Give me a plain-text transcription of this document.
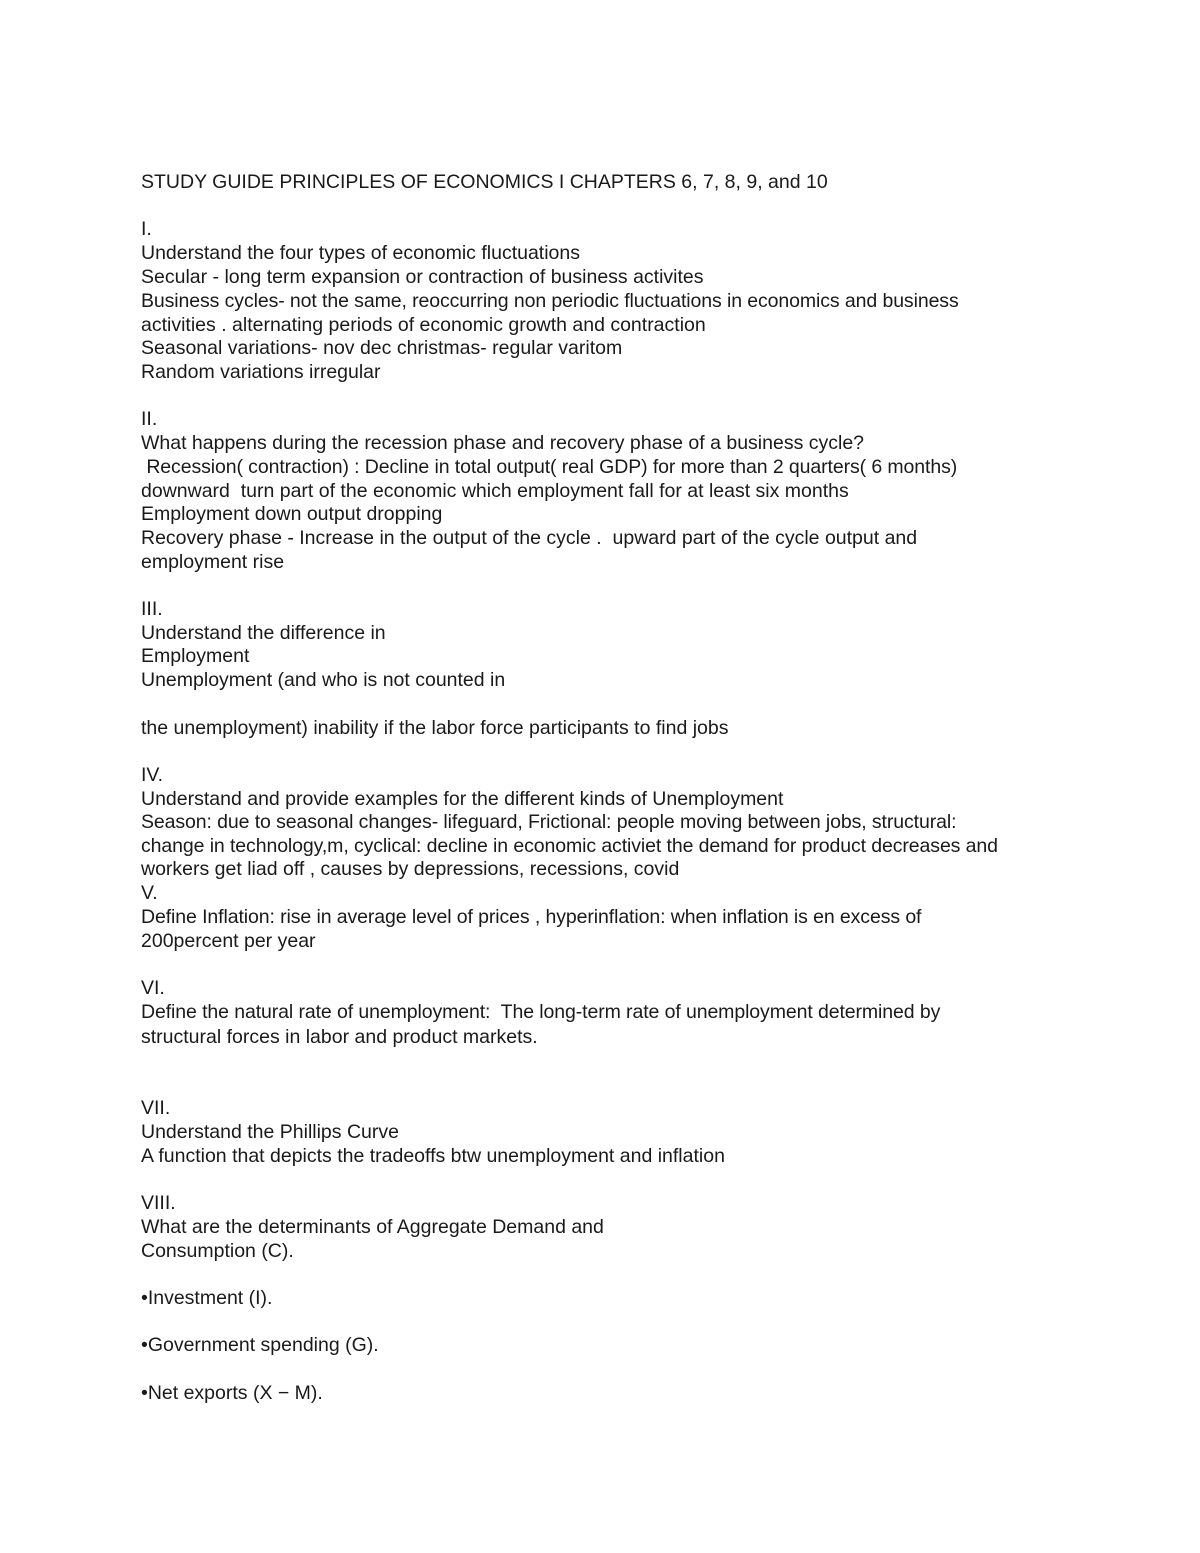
STUDY GUIDE PRINCIPLES OF ECONOMICS I CHAPTERS 6, 7, 8, 9, and 10
I.
Understand the four types of economic fluctuations
Secular - long term expansion or contraction of business activites
Business cycles- not the same, reoccurring non periodic fluctuations in economics and business
activities . alternating periods of economic growth and contraction
Seasonal variations- nov dec christmas- regular varitom
Random variations irregular
II.
What happens during the recession phase and recovery phase of a business cycle?
Recession( contraction) : Decline in total output( real GDP) for more than 2 quarters( 6 months)
downward  turn part of the economic which employment fall for at least six months
Employment down output dropping
Recovery phase - Increase in the output of the cycle .  upward part of the cycle output and
employment rise
III.
Understand the difference in
Employment
Unemployment (and who is not counted in
the unemployment) inability if the labor force participants to find jobs
IV.
Understand and provide examples for the different kinds of Unemployment
Season: due to seasonal changes- lifeguard, Frictional: people moving between jobs, structural:
change in technology,m, cyclical: decline in economic activiet the demand for product decreases and
workers get liad off , causes by depressions, recessions, covid
V.
Define Inflation: rise in average level of prices , hyperinflation: when inflation is en excess of
200percent per year
VI.
Define the natural rate of unemployment:  The long-term rate of unemployment determined by
structural forces in labor and product markets.
VII.
Understand the Phillips Curve
A function that depicts the tradeoffs btw unemployment and inflation
VIII.
What are the determinants of Aggregate Demand and
Consumption (C).
•Investment (I).
•Government spending (G).
•Net exports (X − M).
